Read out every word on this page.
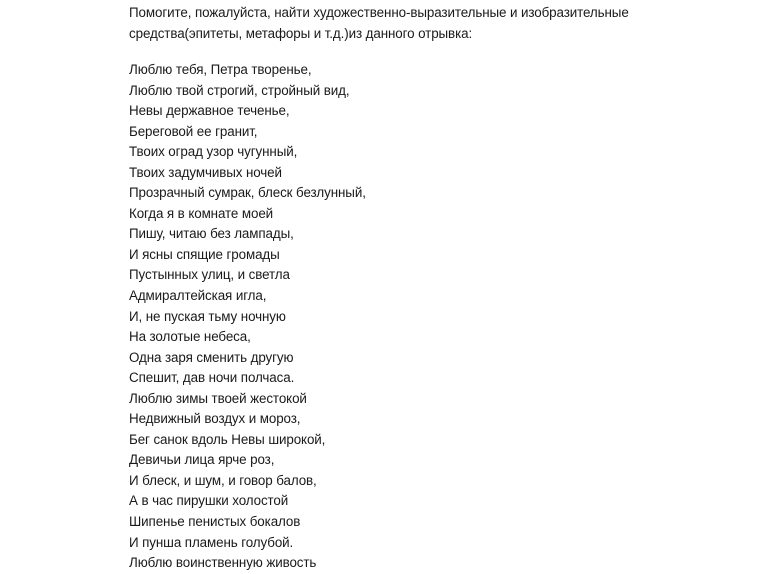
Помогите, пожалуйста, найти художественно-выразительные и изобразительные
средства(эпитеты, метафоры и т.д.)из данного отрывка:
Люблю тебя, Петра творенье,
Люблю твой строгий, стройный вид,
Невы державное теченье,
Береговой ее гранит,
Твоих оград узор чугунный,
Твоих задумчивых ночей
Прозрачный сумрак, блеск безлунный,
Когда я в комнате моей
Пишу, читаю без лампады,
И ясны спящие громады
Пустынных улиц, и светла
Адмиралтейская игла,
И, не пуская тьму ночную
На золотые небеса,
Одна заря сменить другую
Спешит, дав ночи полчаса.
Люблю зимы твоей жестокой
Недвижный воздух и мороз,
Бег санок вдоль Невы широкой,
Девичьи лица ярче роз,
И блеск, и шум, и говор балов,
А в час пирушки холостой
Шипенье пенистых бокалов
И пунша пламень голубой.
Люблю воинственную живость
